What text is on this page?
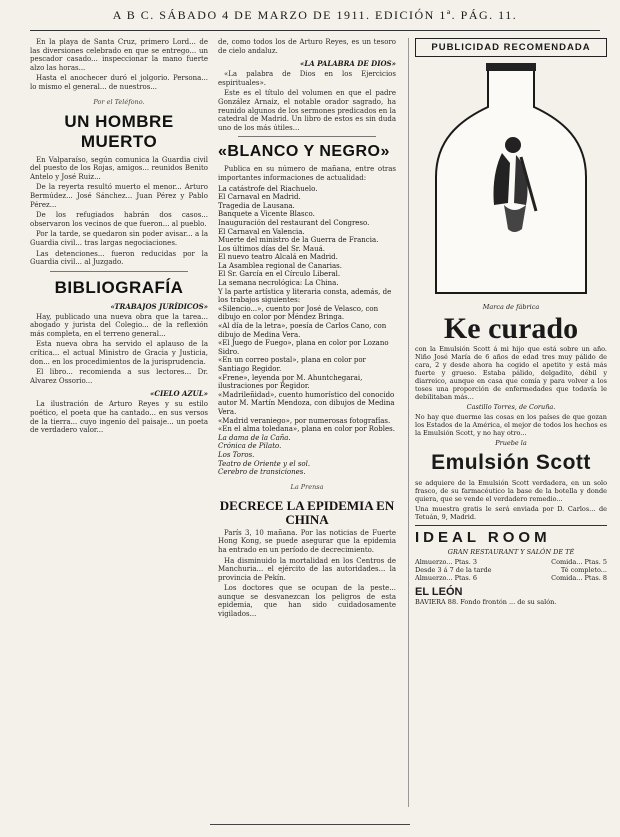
A B C. SÁBADO 4 DE MARZO DE 1911. EDICIÓN 1ª. PÁG. 11.

En la playa de Santa Cruz, primero Lord... de las diversiones celebrado en que se entrego... un pescador casado... inspeccionar la mano fuerte alzo las horas...

Hasta el anochecer duró el jolgorio. Persona... lo mismo el general... de nuestros...

Por el Teléfono.
UN HOMBRE MUERTO

En Valparaíso, según comunica la Guardia civil del puesto de los Rojas, amigos... reunidos Benito Antelo y José Ruiz...

De la reyerta resultó muerto el menor... Arturo Bermúdez... José Sánchez... Juan Pérez y Pablo Pérez...

De los refugiados habrán dos casos... observaron los vecinos de que fueron... al pueblo.

Por la tarde, se quedaron sin poder avisar... a la Guardia civil... tras largas negociaciones.

Las detenciones... fueron reducidas por la Guardia civil... al Juzgado.

BIBLIOGRAFÍA
«TRABAJOS JURÍDICOS»

Hay, publicado una nueva obra que la tarea... abogado y jurista del Colegio... de la reflexión más completa, en el terreno general...

Esta nueva obra ha servido el aplauso de la crítica... el actual Ministro de Gracia y Justicia, don... en los procedimientos de la jurisprudencia.

El libro... recomienda a sus lectores... Dr. Alvarez Ossorio...

«CIELO AZUL»

La ilustración de Arturo Reyes y su estilo poético, el poeta que ha cantado... en sus versos de la tierra... cuyo ingenio del paisaje... un poeta de verdadero valor...

de, como todos los de Arturo Reyes, es un tesoro de cielo andaluz.

«LA PALABRA DE DIOS»

«La palabra de Dios en los Ejercicios espirituales».

Este es el título del volumen en que el padre González Arnaiz, el notable orador sagrado, ha reunido algunos de los sermones predicados en la catedral de Madrid. Un libro de estos es sin duda uno de los más útiles...

«BLANCO Y NEGRO»

Publica en su número de mañana, entre otras importantes informaciones de actualidad:

La catástrofe del Riachuelo.
El Carnaval en Madrid.
Tragedia de Lausana.
Banquete a Vicente Blasco.
Inauguración del restaurant del Congreso.
El Carnaval en Valencia.
Muerte del ministro de la Guerra de Francia.
Los últimos días del Sr. Mauá.
El nuevo teatro Alcalá en Madrid.
La Asamblea regional de Canarias.
El Sr. García en el Círculo Liberal.
La semana necrológica: La China.
Y la parte artística y literaria consta, además, de los trabajos siguientes:
«Silencio...», cuento por José de Velasco, con dibujo en color por Méndez Bringa.
«Al día de la letra», poesía de Carlos Cano, con dibujo de Medina Vera.
«El Juego de Fuego», plana en color por Lozano Sidro.
«En un correo postal», plana en color por Santiago Regidor.
«Frene», leyenda por M. Ahuntchegarai, ilustraciones por Regidor.
«Madrileñidad», cuento humorístico del conocido autor M. Martín Mendoza, con dibujos de Medina Vera.
«Madrid veraniego», por numerosas fotografías.
«En el alma toledana», plana en color por Robles.
La dama de la Caña.
Crónica de Pilato.
Los Toros.
Teatro de Oriente y el sol.
Cerebro de transiciones.
La Prensa
DECRECE LA EPIDEMIA EN CHINA

París 3, 10 mañana. Por las noticias de Fuerte Hong Kong, se puede asegurar que la epidemia ha entrado en un período de decrecimiento.

Ha disminuido la mortalidad en los Centros de Manchuria... el ejército de las autoridades... la provincia de Pekín.

Los doctores que se ocupan de la peste... aunque se desvanezcan los peligros de esta epidemia, que han sido cuidadosamente vigilados...

PUBLICIDAD RECOMENDADA
Marca de fábrica
Ke curado

con la Emulsión Scott á mi hijo que está sobre un año. Niño José María de 6 años de edad tres muy pálido de cara, 2 y desde ahora ha cogido el apetito y está más fuerte y grueso. Estaba pálido, delgadito, débil y diarreico, aunque en casa que comía y para volver a los toses una proporción de enfermedades que todavía le debilitaban más...

Castillo Torres, de Coruña.

No hay que duerme las cosas en los países de que gozan los Estados de la América, el mejor de todos los hechos es la Emulsión Scott, y no hay otro...

Pruebe la
Emulsión Scott

se adquiere de la Emulsión Scott verdadera, en un solo frasco, de su farmacéutico la base de la botella y donde quiera, que se vende el verdadero remedio...

Una muestra gratis le será enviada por D. Carlos... de Tetuán, 9, Madrid.

IDEAL ROOM
GRAN RESTAURANT Y SALÓN DE TÉ
Almuerzo... Ptas. 3	Comida... Ptas. 5
Desde 3 á 7 de la tarde	Té completo...
Almuerzo... Ptas. 6	Comida... Ptas. 8
EL LEÓN

BAVIERA 88. Fondo frontón ... de su salón.
